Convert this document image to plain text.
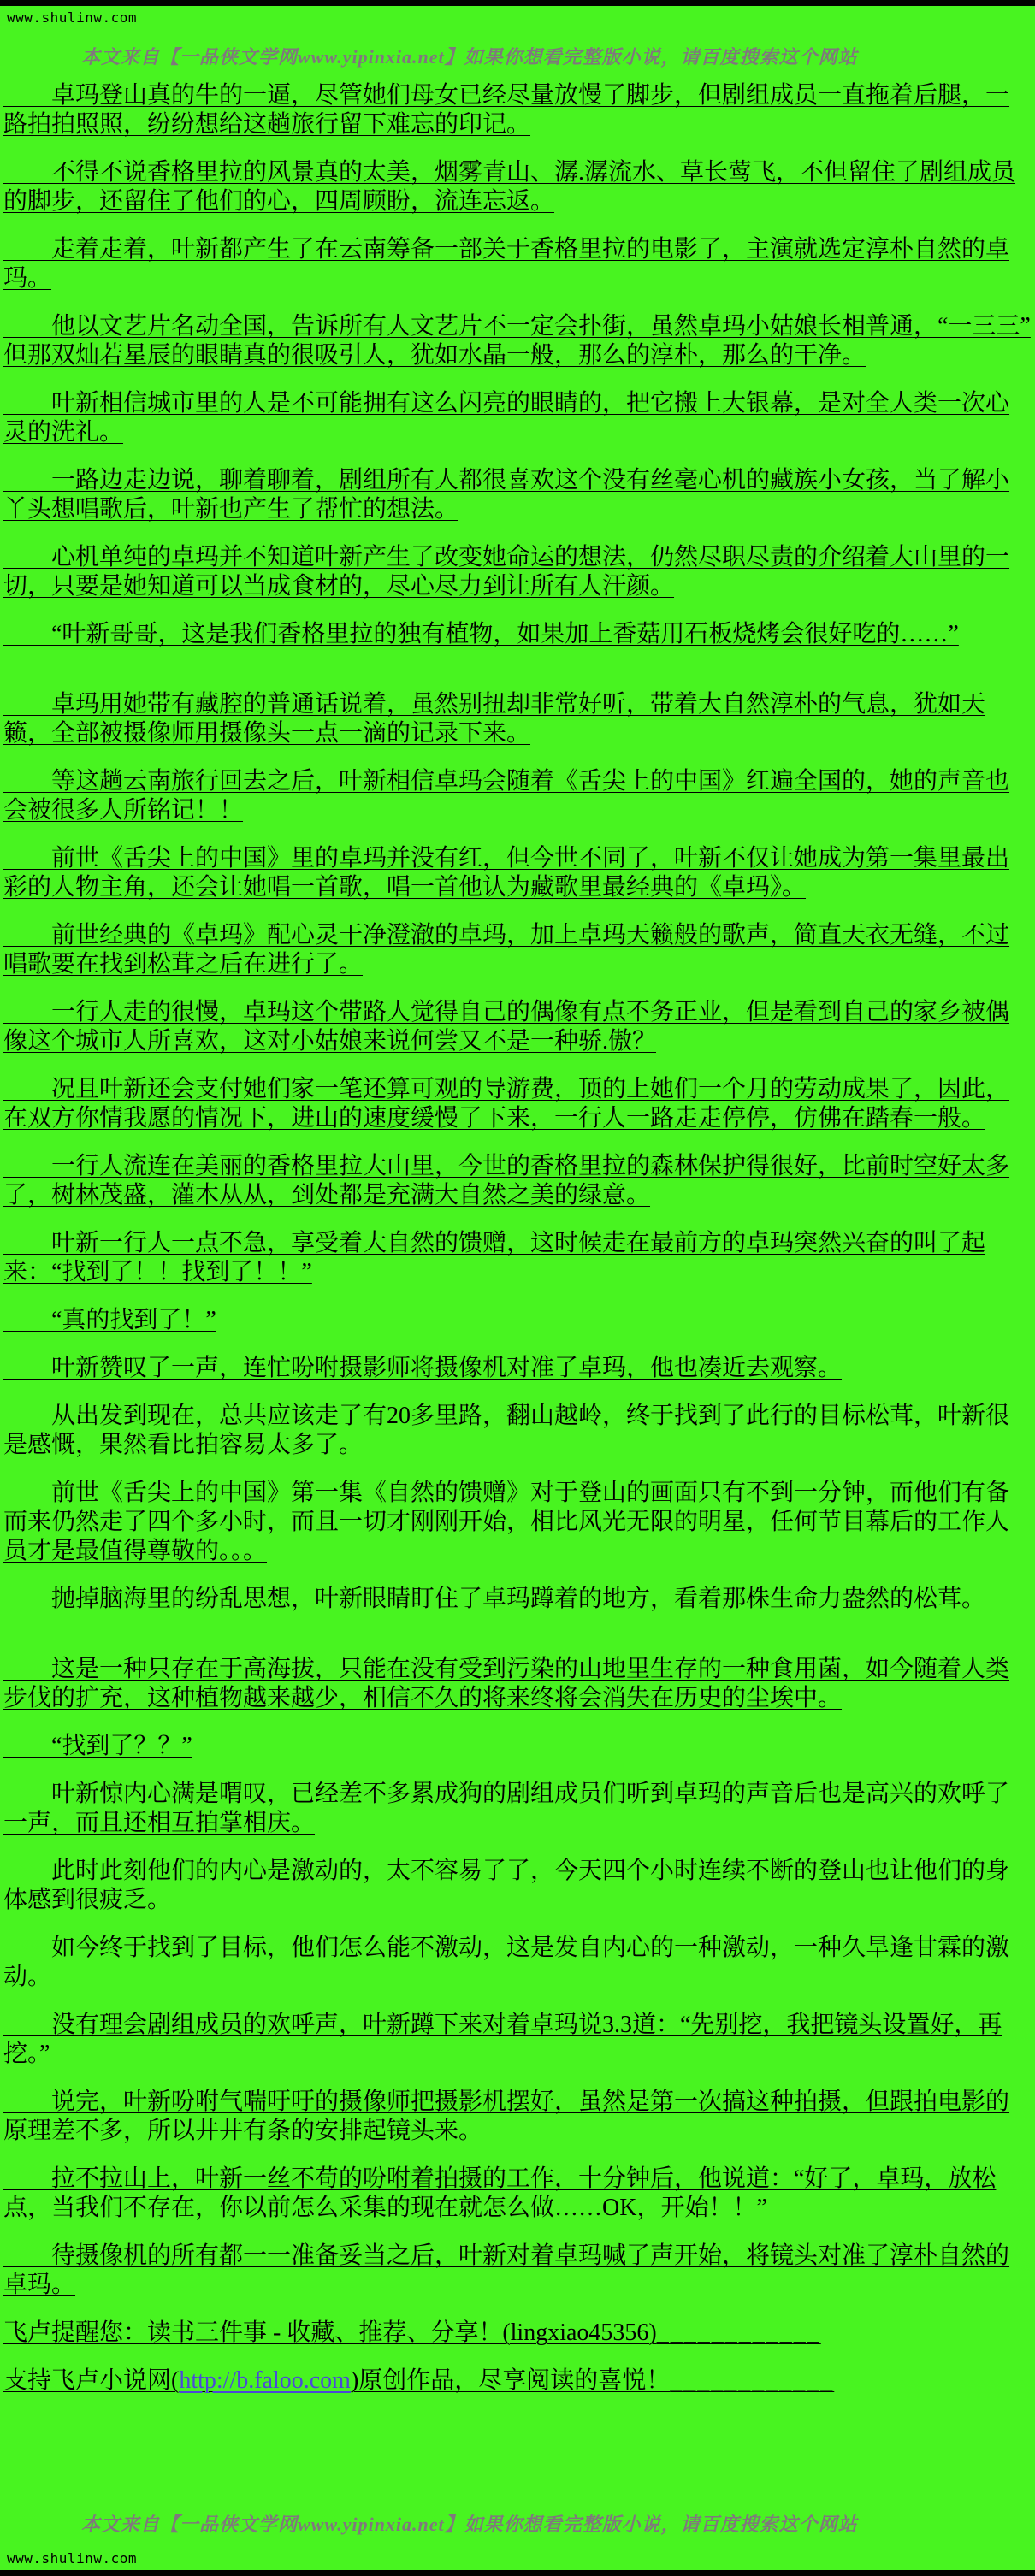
www.shulinw.com
本文来自【一品侠文学网www.yipinxia.net】如果你想看完整版小说，请百度搜索这个网站

　　卓玛登山真的牛的一逼，尽管她们母女已经尽量放慢了脚步，但剧组成员一直拖着后腿，一路拍拍照照，纷纷想给这趟旅行留下难忘的印记。

　　不得不说香格里拉的风景真的太美，烟雾青山、潺.潺流水、草长莺飞，不但留住了剧组成员的脚步，还留住了他们的心，四周顾盼，流连忘返。

　　走着走着，叶新都产生了在云南筹备一部关于香格里拉的电影了，主演就选定淳朴自然的卓玛。

　　他以文艺片名动全国，告诉所有人文艺片不一定会扑街，虽然卓玛小姑娘长相普通，“一三三”但那双灿若星辰的眼睛真的很吸引人，犹如水晶一般，那么的淳朴，那么的干净。

　　叶新相信城市里的人是不可能拥有这么闪亮的眼睛的，把它搬上大银幕，是对全人类一次心灵的洗礼。

　　一路边走边说，聊着聊着，剧组所有人都很喜欢这个没有丝毫心机的藏族小女孩，当了解小丫头想唱歌后，叶新也产生了帮忙的想法。

　　心机单纯的卓玛并不知道叶新产生了改变她命运的想法，仍然尽职尽责的介绍着大山里的一切，只要是她知道可以当成食材的，尽心尽力到让所有人汗颜。

　　“叶新哥哥，这是我们香格里拉的独有植物，如果加上香菇用石板烧烤会很好吃的……”

　　卓玛用她带有藏腔的普通话说着，虽然别扭却非常好听，带着大自然淳朴的气息，犹如天籁，全部被摄像师用摄像头一点一滴的记录下来。

　　等这趟云南旅行回去之后，叶新相信卓玛会随着《舌尖上的中国》红遍全国的，她的声音也会被很多人所铭记！！

　　前世《舌尖上的中国》里的卓玛并没有红，但今世不同了，叶新不仅让她成为第一集里最出彩的人物主角，还会让她唱一首歌，唱一首他认为藏歌里最经典的《卓玛》。

　　前世经典的《卓玛》配心灵干净澄澈的卓玛，加上卓玛天籁般的歌声，简直天衣无缝，不过唱歌要在找到松茸之后在进行了。

　　一行人走的很慢，卓玛这个带路人觉得自己的偶像有点不务正业，但是看到自己的家乡被偶像这个城市人所喜欢，这对小姑娘来说何尝又不是一种骄.傲？

　　况且叶新还会支付她们家一笔还算可观的导游费，顶的上她们一个月的劳动成果了，因此，在双方你情我愿的情况下，进山的速度缓慢了下来，一行人一路走走停停，仿佛在踏春一般。

　　一行人流连在美丽的香格里拉大山里，今世的香格里拉的森林保护得很好，比前时空好太多了，树林茂盛，灌木从从，到处都是充满大自然之美的绿意。

　　叶新一行人一点不急，享受着大自然的馈赠，这时候走在最前方的卓玛突然兴奋的叫了起来：“找到了！！找到了！！”

　　“真的找到了！”

　　叶新赞叹了一声，连忙吩咐摄影师将摄像机对准了卓玛，他也凑近去观察。

　　从出发到现在，总共应该走了有20多里路，翻山越岭，终于找到了此行的目标松茸，叶新很是感慨，果然看比拍容易太多了。

　　前世《舌尖上的中国》第一集《自然的馈赠》对于登山的画面只有不到一分钟，而他们有备而来仍然走了四个多小时，而且一切才刚刚开始，相比风光无限的明星，任何节目幕后的工作人员才是最值得尊敬的。。。

　　抛掉脑海里的纷乱思想，叶新眼睛盯住了卓玛蹲着的地方，看着那株生命力盎然的松茸。

　　这是一种只存在于高海拔，只能在没有受到污染的山地里生存的一种食用菌，如今随着人类步伐的扩充，这种植物越来越少，相信不久的将来终将会消失在历史的尘埃中。

　　“找到了？？”

　　叶新惊内心满是喟叹，已经差不多累成狗的剧组成员们听到卓玛的声音后也是高兴的欢呼了一声，而且还相互拍掌相庆。

　　此时此刻他们的内心是激动的，太不容易了了，今天四个小时连续不断的登山也让他们的身体感到很疲乏。

　　如今终于找到了目标，他们怎么能不激动，这是发自内心的一种激动，一种久旱逢甘霖的激动。

　　没有理会剧组成员的欢呼声，叶新蹲下来对着卓玛说3.3道：“先别挖，我把镜头设置好，再挖。”

　　说完，叶新吩咐气喘吁吁的摄像师把摄影机摆好，虽然是第一次搞这种拍摄，但跟拍电影的原理差不多，所以井井有条的安排起镜头来。

　　拉不拉山上，叶新一丝不苟的吩咐着拍摄的工作，十分钟后，他说道：“好了，卓玛，放松点，当我们不存在，你以前怎么采集的现在就怎么做……OK，开始！！”

　　待摄像机的所有都一一准备妥当之后，叶新对着卓玛喊了声开始，将镜头对准了淳朴自然的卓玛。

飞卢提醒您：读书三件事 - 收藏、推荐、分享！(lingxiao45356)____________

支持飞卢小说网(http://b.faloo.com)原创作品，尽享阅读的喜悦！____________

本文来自【一品侠文学网www.yipinxia.net】如果你想看完整版小说，请百度搜索这个网站
www.shulinw.com
